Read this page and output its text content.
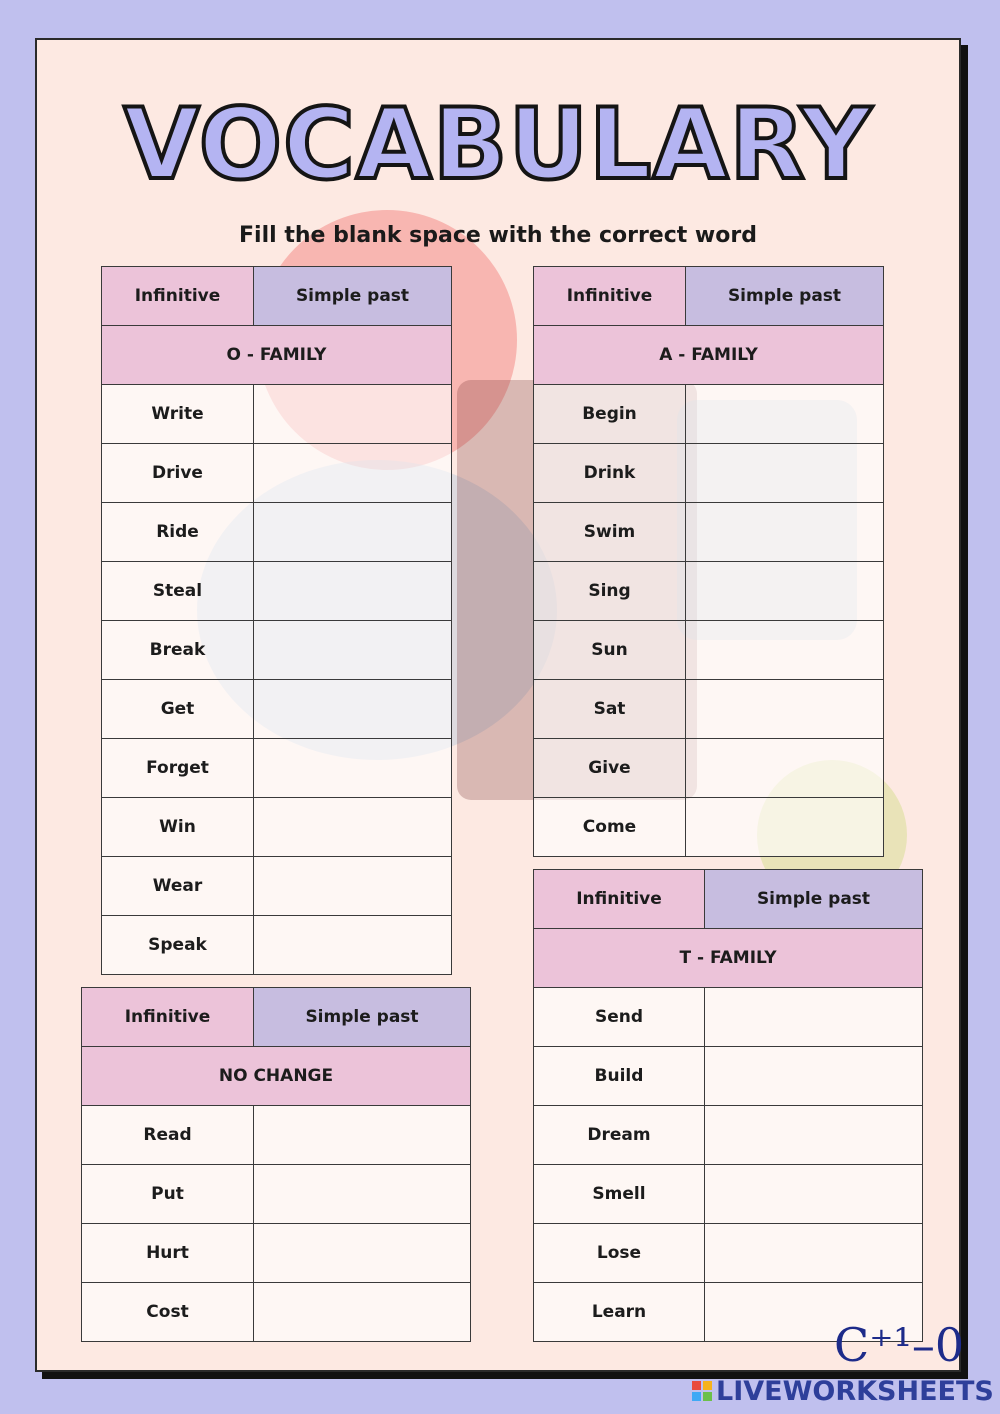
VOCABULARY
Fill the blank space with the correct word
Infinitive	Simple past
O - FAMILY	
Write	
Drive	
Ride	
Steal	
Break	
Get	
Forget	
Win	
Wear	
Speak	
Infinitive	Simple past
A - FAMILY	
Begin	
Drink	
Swim	
Sing	
Sun	
Sat	
Give	
Come	
Infinitive	Simple past
T - FAMILY	
Send	
Build	
Dream	
Smell	
Lose	
Learn	
Infinitive	Simple past
NO CHANGE	
Read	
Put	
Hurt	
Cost	
C⁺¹–0
LIVEWORKSHEETS
